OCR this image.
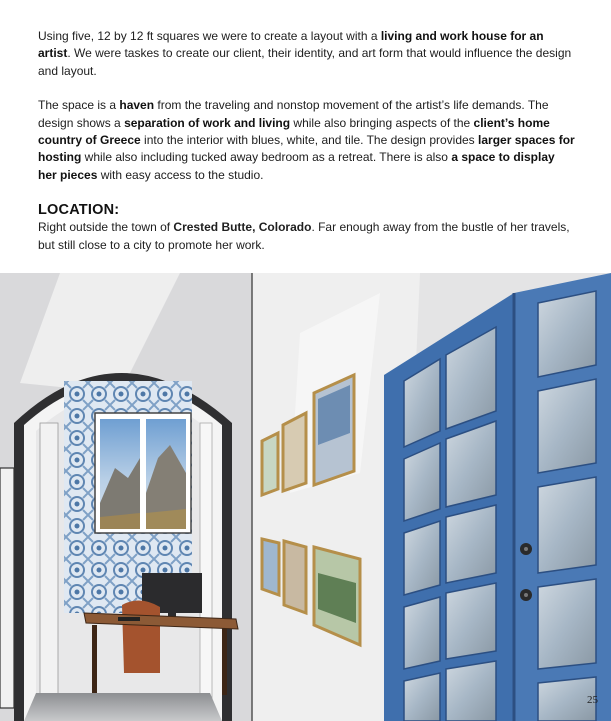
Using five, 12 by 12 ft squares we were to create a layout with a living and work house for an artist. We were taskes to create our client, their identity, and art form that would influence the design and layout.

The space is a haven from the traveling and nonstop movement of the artist’s life demands. The design shows a separation of work and living while also bringing aspects of the client’s home country of Greece into the interior with blues, white, and tile. The design provides larger spaces for hosting while also including tucked away bedroom as a retreat. There is also a space to display her pieces with easy access to the studio.

LOCATION:

Right outside the town of Crested Butte, Colorado. Far enough away from the bustle of her travels, but still close to a city to promote her work.

25
